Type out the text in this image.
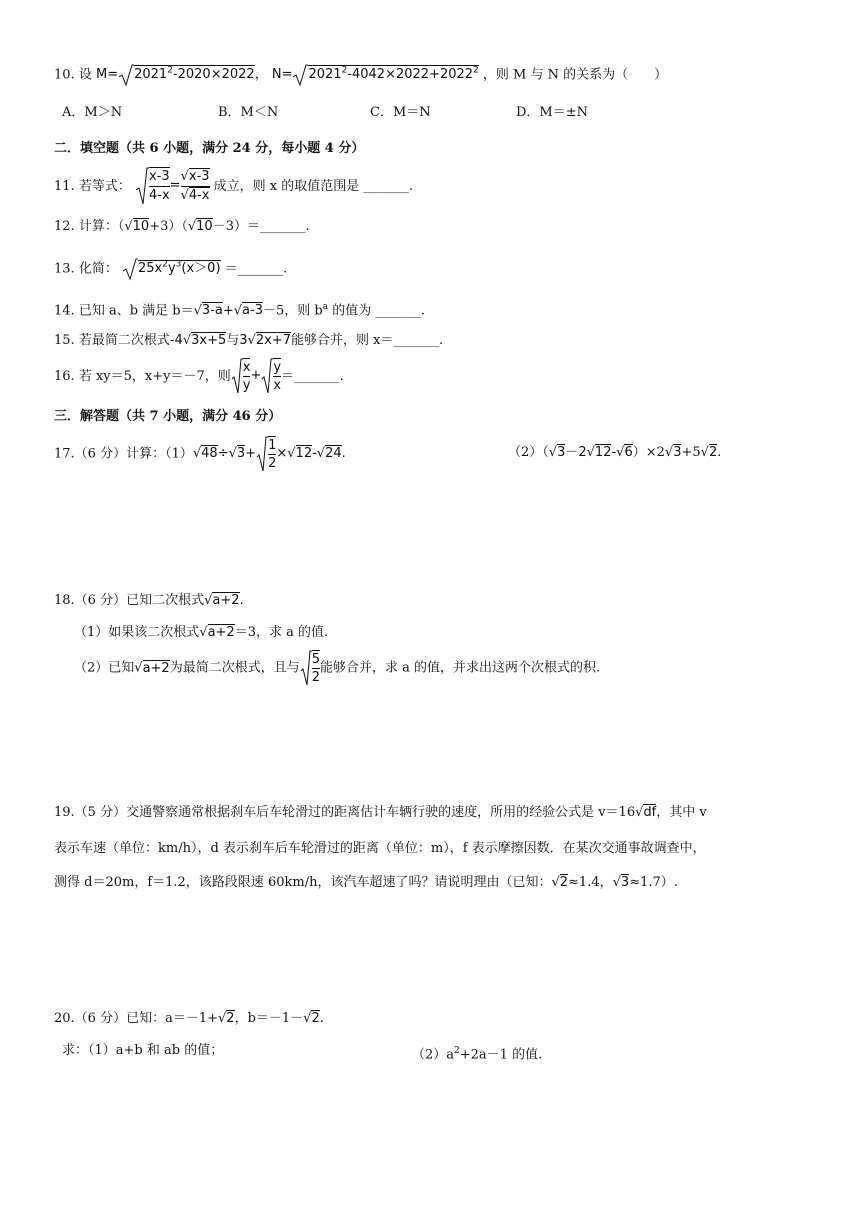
10. 设 $M= 2021^2-2020\times 2022$， $N= 2021^2-4042\times 2022+2022^2$ ，则 M 与 N 的关系为（　　）
A．M＞N	B．M＜N	C．M＝N	D．M＝±N
二．填空题（共 6 小题，满分 24 分，每小题 4 分）
11. 若等式： $\frac{x-3}{4-x} = \frac{√x-3}{√4-x}$ 成立，则 x 的取值范围是 _______.
12. 计算：（√10+3）（√10－3）＝_______.
13. 化简： $25x^2y^3(x>0)$ ＝_______.
14. 已知 a、b 满足 b＝√3-a+√a-3－5，则 $b^a$ 的值为 _______.
15. 若最简二次根式-4√3x+5与3√2x+7能够合并，则 x＝_______.
16. 若 xy＝5，x+y＝－7，则 $\frac{x}{y} + \frac{y}{x}$ ＝_______.
三．解答题（共 7 小题，满分 46 分）
17.（6 分）计算：$(1)√48\div√3+ \frac{1}{2} \times√12-√24$.	（2）（√3－2√12-√6）×2√3+5√2.
18.（6 分）已知二次根式√a+2.
（1）如果该二次根式√a+2＝3，求 a 的值.
（2）已知√a+2为最简二次根式，且与 $\frac{5}{2}$ 能够合并，求 a 的值，并求出这两个次根式的积.
19.（5 分）交通警察通常根据刹车后车轮滑过的距离估计车辆行驶的速度，所用的经验公式是 v＝16√df，其中 v
表示车速（单位：km/h），d 表示刹车后车轮滑过的距离（单位：m），f 表示摩擦因数．在某次交通事故调查中，
测得 d＝20m，f＝1.2，该路段限速 60km/h，该汽车超速了吗？请说明理由（已知：√2≈1.4，√3≈1.7）.
20.（6 分）已知：a＝－1+√2，b＝－1－√2.
求：（1）a+b 和 ab 的值；	$(2)a^2+2a-1$ 的值.
